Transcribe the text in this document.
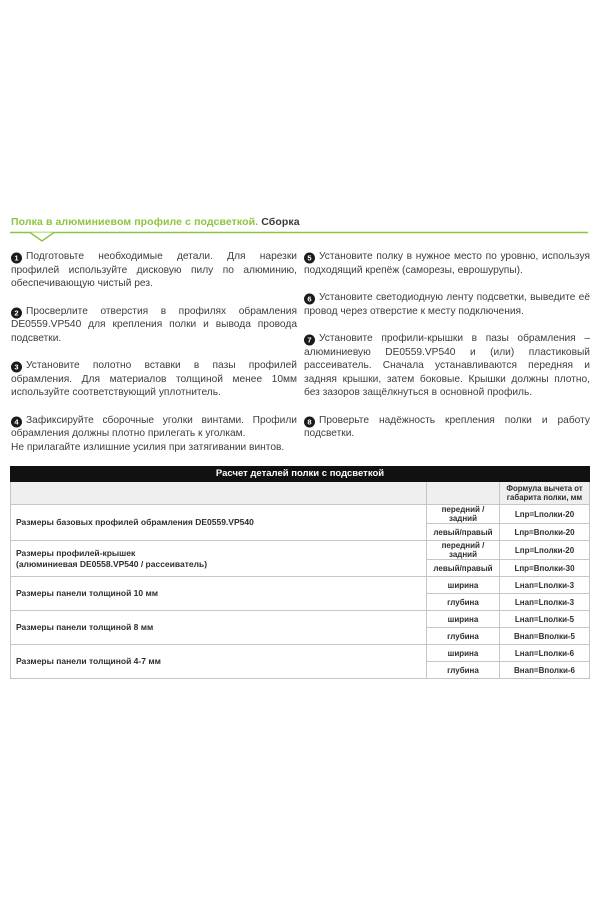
Полка в алюминиевом профиле с подсветкой. Сборка

1 Подготовьте необходимые детали. Для нарезки профилей используйте дисковую пилу по алюминию, обеспечивающую чистый рез.

2 Просверлите отверстия в профилях обрамления DE0559.VP540 для крепления полки и вывода провода подсветки.

3 Установите полотно вставки в пазы профилей обрамления. Для материалов толщиной менее 10мм используйте соответствующий уплотнитель.

4 Зафиксируйте сборочные уголки винтами. Профили обрамления должны плотно прилегать к уголкам.
Не прилагайте излишние усилия при затягивании винтов.

5 Установите полку в нужное место по уровню, используя подходящий крепёж (саморезы, еврошурупы).

6 Установите светодиодную ленту подсветки, выведите её провод через отверстие к месту подключения.

7 Установите профили-крышки в пазы обрамления – алюминиевую DE0559.VP540 и (или) пластиковый рассеиватель. Сначала устанавливаются передняя и задняя крышки, затем боковые. Крышки должны плотно, без зазоров защёлкнуться в основной профиль.

8 Проверьте надёжность крепления полки и работу подсветки.

Расчет деталей полки с подсветкой		
		Формула вычета от габарита полки, мм

Размеры базовых профилей обрамления DE0559.VP540	передний /задний	Lпр=Lполки-20
	левый/правый	Lпр=Вполки-20

Размеры профилей-крышек
(алюминиевая DE0558.VP540 / рассеиватель)	передний /задний	Lпр=Lполки-20
	левый/правый	Lпр=Вполки-30

Размеры панели толщиной 10 мм	ширина	Lнап=Lполки-3
	глубина	Lнап=Lполки-3

Размеры панели толщиной 8 мм	ширина	Lнап=Lполки-5
	глубина	Внап=Вполки-5

Размеры панели толщиной 4-7 мм	ширина	Lнап=Lполки-6
	глубина	Внап=Вполки-6
